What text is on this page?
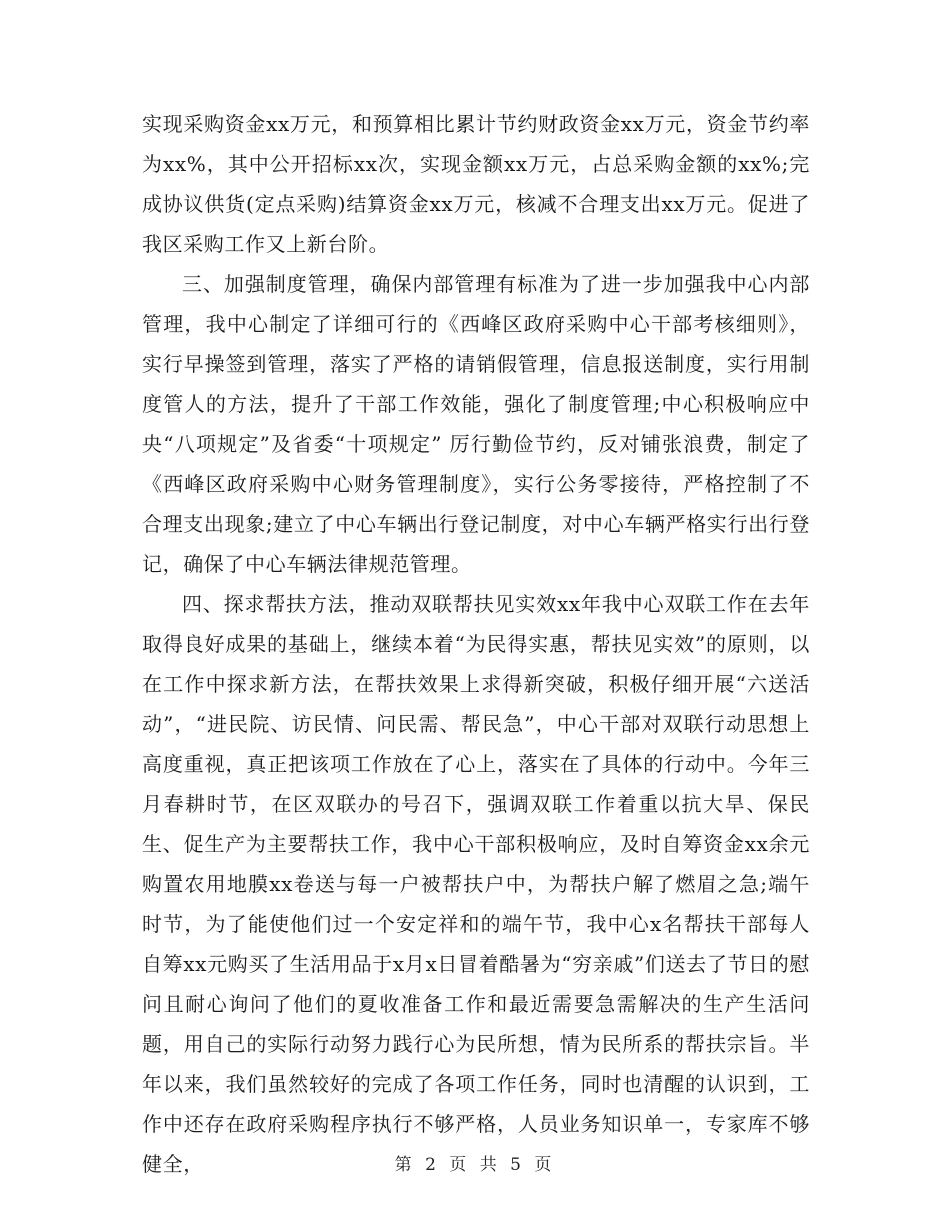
实现采购资金xx万元，和预算相比累计节约财政资金xx万元，资金节约率为xx%，其中公开招标xx次，实现金额xx万元，占总采购金额的xx%;完成协议供货(定点采购)结算资金xx万元，核减不合理支出xx万元。促进了我区采购工作又上新台阶。

三、加强制度管理，确保内部管理有标准为了进一步加强我中心内部管理，我中心制定了详细可行的《西峰区政府采购中心干部考核细则》，实行早操签到管理，落实了严格的请销假管理，信息报送制度，实行用制度管人的方法，提升了干部工作效能，强化了制度管理;中心积极响应中央“八项规定”及省委“十项规定” 厉行勤俭节约，反对铺张浪费，制定了《西峰区政府采购中心财务管理制度》，实行公务零接待，严格控制了不合理支出现象;建立了中心车辆出行登记制度，对中心车辆严格实行出行登记，确保了中心车辆法律规范管理。

四、探求帮扶方法，推动双联帮扶见实效xx年我中心双联工作在去年取得良好成果的基础上，继续本着“为民得实惠，帮扶见实效”的原则，以在工作中探求新方法，在帮扶效果上求得新突破，积极仔细开展“六送活动”，“进民院、访民情、问民需、帮民急”，中心干部对双联行动思想上高度重视，真正把该项工作放在了心上，落实在了具体的行动中。今年三月春耕时节，在区双联办的号召下，强调双联工作着重以抗大旱、保民生、促生产为主要帮扶工作，我中心干部积极响应，及时自筹资金xx余元购置农用地膜xx卷送与每一户被帮扶户中，为帮扶户解了燃眉之急;端午时节，为了能使他们过一个安定祥和的端午节，我中心x名帮扶干部每人自筹xx元购买了生活用品于x月x日冒着酷暑为“穷亲戚”们送去了节日的慰问且耐心询问了他们的夏收准备工作和最近需要急需解决的生产生活问题，用自己的实际行动努力践行心为民所想，情为民所系的帮扶宗旨。半年以来，我们虽然较好的完成了各项工作任务，同时也清醒的认识到，工作中还存在政府采购程序执行不够严格，人员业务知识单一，专家库不够健全，	第 2 页 共 5 页
